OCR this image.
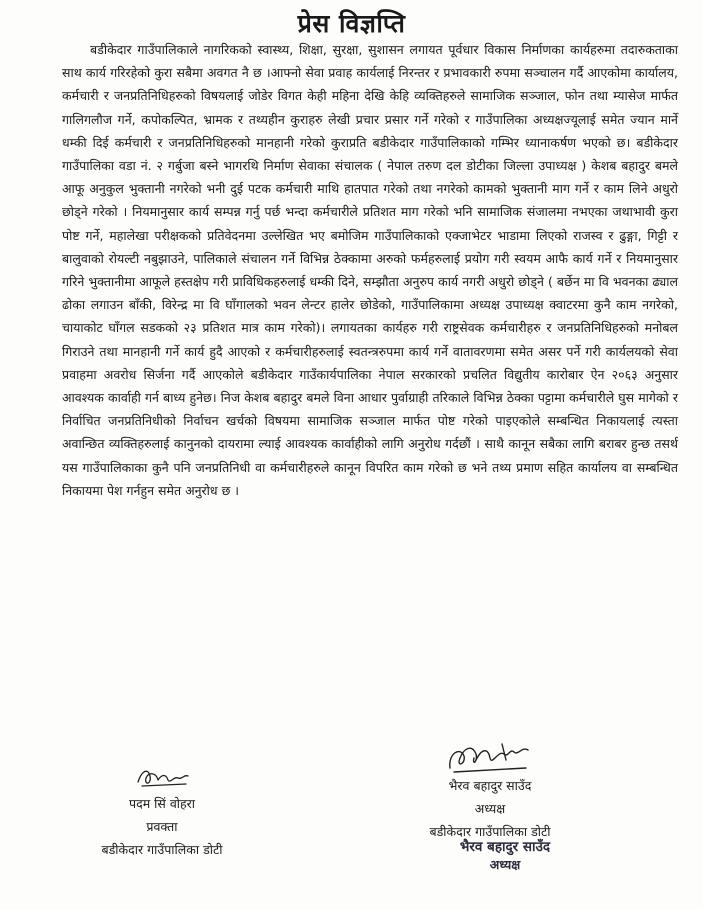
प्रेस विज्ञप्ति

बडीकेदार गाउँपालिकाले नागरिकको स्वास्थ्य, शिक्षा, सुरक्षा, सुशासन लगायत पूर्वधार विकास निर्माणका कार्यहरुमा तदारुकताका साथ कार्य गरिरहेको कुरा सबैमा अवगत नै छ ।आफ्नो सेवा प्रवाह कार्यलाई निरन्तर र प्रभावकारी रुपमा सञ्चालन गर्दै आएकोमा कार्यालय, कर्मचारी र जनप्रतिनिधिहरुको विषयलाई जोडेर विगत केही महिना देखि केहि व्यक्तिहरुले सामाजिक सञ्जाल, फोन तथा म्यासेज मार्फत गालिगलौज गर्ने, कपोकल्पित, भ्रामक र तथ्यहीन कुराहरु लेखी प्रचार प्रसार गर्ने गरेको र गाउँपालिका अध्यक्षज्यूलाई समेत ज्यान मार्ने धम्की दिई कर्मचारी र जनप्रतिनिधिहरुको मानहानी गरेको कुराप्रति बडीकेदार गाउँपालिकाको गम्भिर ध्यानाकर्षण भएको छ। बडीकेदार गाउँपालिका वडा नं. २ गर्बुजा बस्ने भागरथि निर्माण सेवाका संचालक ( नेपाल तरुण दल डोटीका जिल्ला उपाध्यक्ष ) केशब बहादुर बमले आफू अनुकुल भुक्तानी नगरेको भनी दुई पटक कर्मचारी माथि हातपात गरेको तथा नगरेको कामको भुक्तानी माग गर्ने र काम लिने अधुरो छोड्ने गरेको । नियमानुसार कार्य सम्पन्न गर्नु पर्छ भन्दा कर्मचारीले प्रतिशत माग गरेको भनि सामाजिक संजालमा नभएका जथाभावी कुरा पोष्ट गर्ने, महालेखा परीक्षकको प्रतिवेदनमा उल्लेखित भए बमोजिम गाउँपालिकाको एक्जाभेटर भाडामा लिएको राजस्व र ढुङ्गा, गिट्टी र बालुवाको रोयल्टी नबुझाउने, पालिकाले संचालन गर्ने विभिन्न ठेक्कामा अरुको फर्महरुलाई प्रयोग गरी स्वयम आफै कार्य गर्ने र नियमानुसार गरिने भुक्तानीमा आफूले हस्तक्षेप गरी प्राविधिकहरुलाई धम्की दिने, सम्झौता अनुरुप कार्य नगरी अधुरो छोड्ने ( बर्छेन मा वि भवनका ढ्याल ढोका लगाउन बाँकी, विरेन्द्र मा वि घाँगालको भवन लेन्टर हालेर छोडेको, गाउँपालिकामा अध्यक्ष उपाध्यक्ष क्वाटरमा कुनै काम नगरेको, चायाकोट घाँगल सडकको २३ प्रतिशत मात्र काम गरेको)। लगायतका कार्यहरु गरी राष्ट्रसेवक कर्मचारीहरु र जनप्रतिनिधिहरुको मनोबल गिराउने तथा मानहानी गर्ने कार्य हुदै आएको र कर्मचारीहरुलाई स्वतन्त्ररुपमा कार्य गर्ने वातावरणमा समेत असर पर्ने गरी कार्यलयको सेवा प्रवाहमा अवरोध सिर्जना गर्दै आएकोले बडीकेदार गाउँकार्यपालिका नेपाल सरकारको प्रचलित विद्युतीय कारोबार ऐन २०६३ अनुसार आवश्यक कार्वाही गर्न बाध्य हुनेछ। निज केशब बहादुर बमले विना आधार पुर्वाग्राही तरिकाले विभिन्न ठेक्का पट्टामा कर्मचारीले घुस मागेको र निर्वाचित जनप्रतिनिधीको निर्वाचन खर्चको विषयमा सामाजिक सञ्जाल मार्फत पोष्ट गरेको पाइएकोले सम्बन्धित निकायलाई त्यस्ता अवान्छित व्यक्तिहरुलाई कानुनको दायरामा ल्याई आवश्यक कार्वाहीको लागि अनुरोध गर्दछौं । साथै कानून सबैका लागि बराबर हुन्छ तसर्थ यस गाउँपालिकाका कुनै पनि जनप्रतिनिधी वा कर्मचारीहरुले कानून विपरित काम गरेको छ भने तथ्य प्रमाण सहित कार्यालय वा सम्बन्धित निकायमा पेश गर्नहुन समेत अनुरोध छ ।

पदम सिं वोहरा
प्रवक्ता
बडीकेदार गाउँपालिका डोटी
भैरव बहादुर साउँद
अध्यक्ष
बडीकेदार गाउँपालिका डोटी
भैरव बहादुर साउँद
अध्यक्ष
